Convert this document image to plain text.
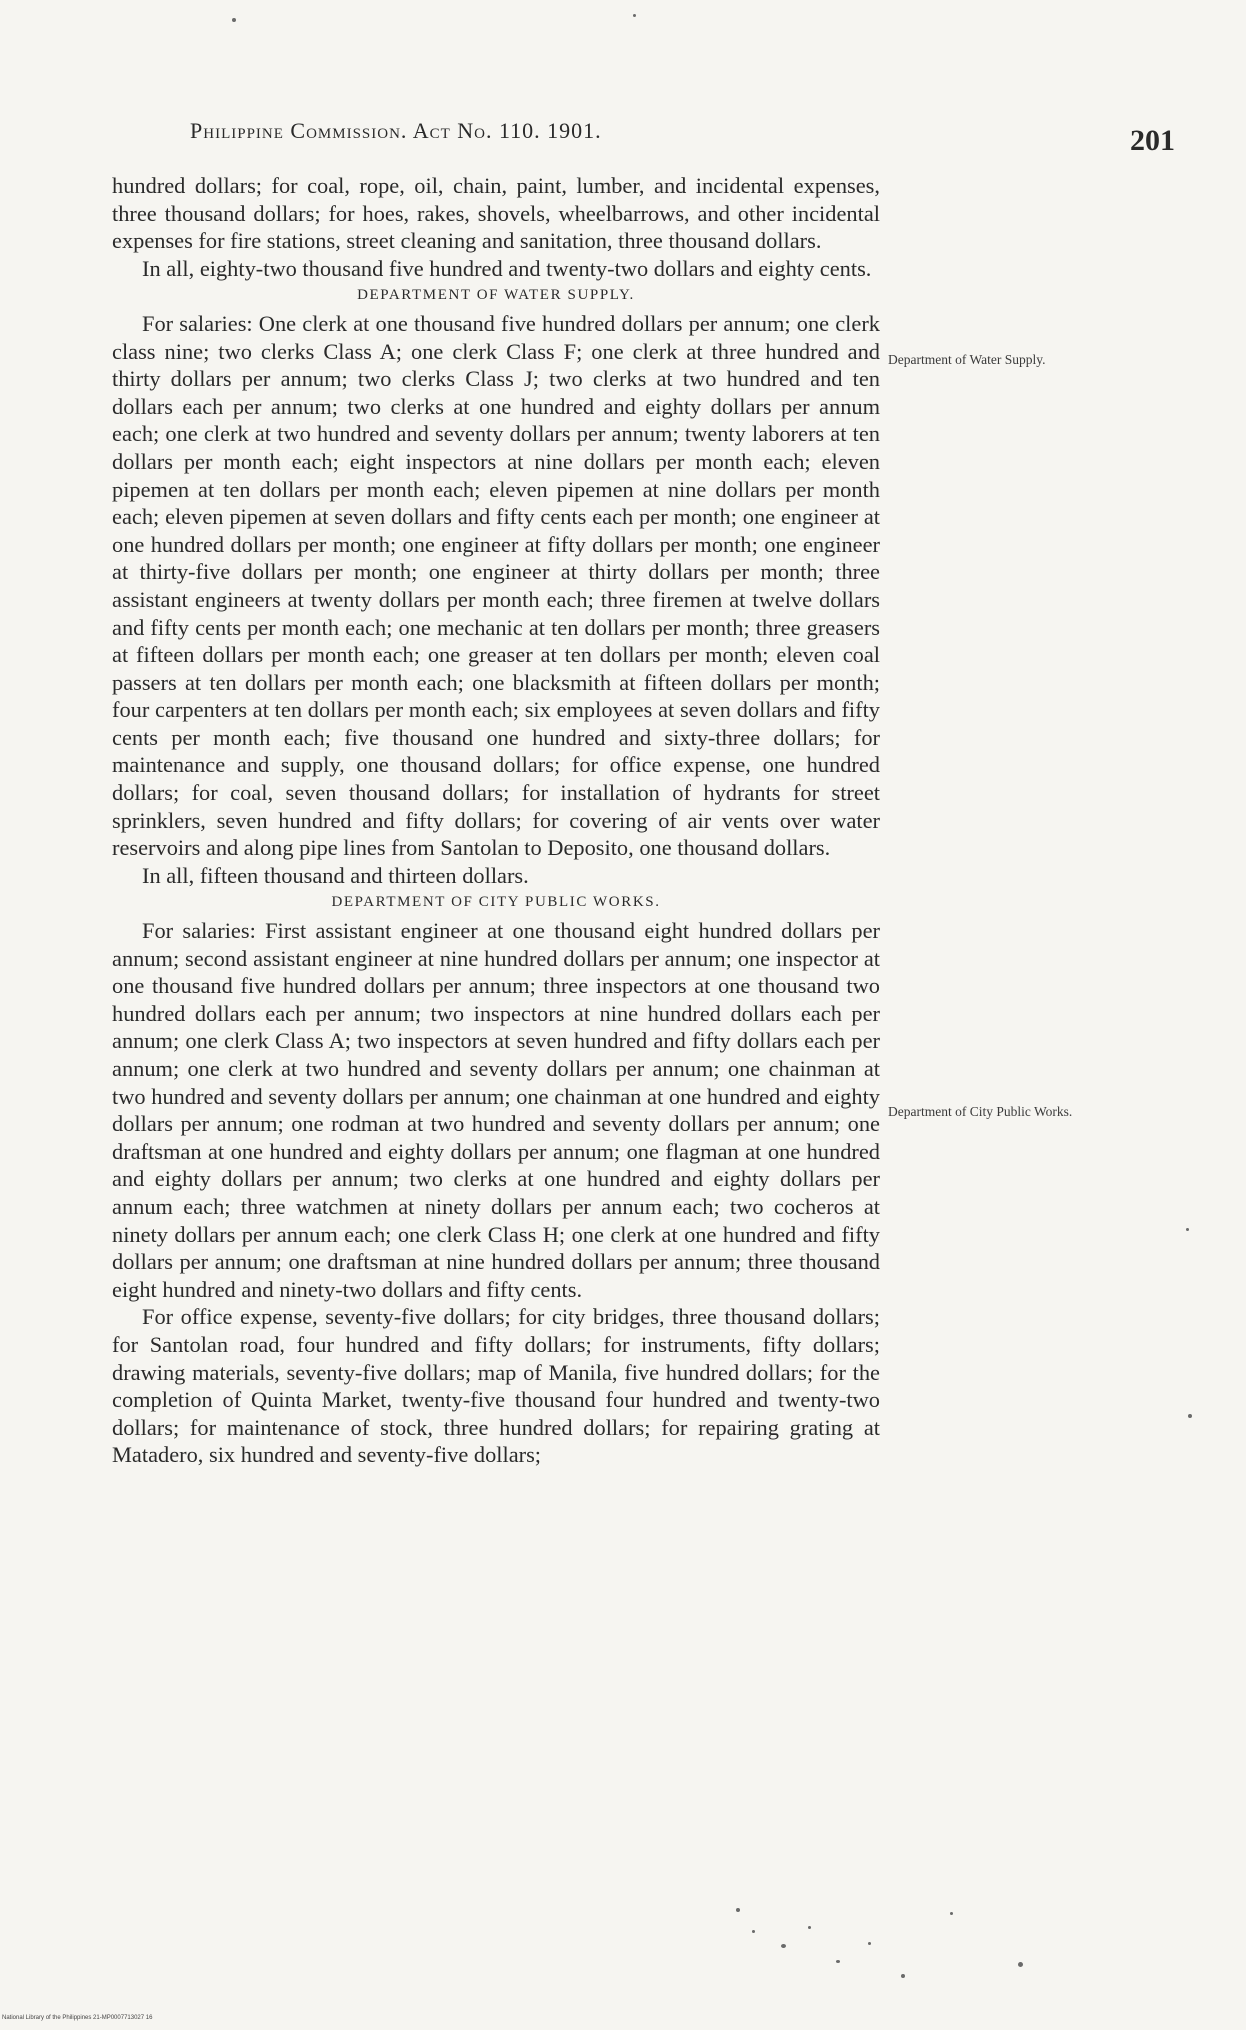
Philippine Commission. Act No. 110. 1901.	201

hundred dollars; for coal, rope, oil, chain, paint, lumber, and incidental expenses, three thousand dollars; for hoes, rakes, shovels, wheelbarrows, and other incidental expenses for fire stations, street cleaning and sanitation, three thousand dollars.

In all, eighty-two thousand five hundred and twenty-two dollars and eighty cents.

DEPARTMENT OF WATER SUPPLY.

For salaries: One clerk at one thousand five hundred dollars per annum; one clerk class nine; two clerks Class A; one clerk Class F; one clerk at three hundred and thirty dollars per annum; two clerks Class J; two clerks at two hundred and ten dollars each per annum; two clerks at one hundred and eighty dollars per annum each; one clerk at two hundred and seventy dollars per annum; twenty laborers at ten dollars per month each; eight inspectors at nine dollars per month each; eleven pipemen at ten dollars per month each; eleven pipemen at nine dollars per month each; eleven pipemen at seven dollars and fifty cents each per month; one engineer at one hundred dollars per month; one engineer at fifty dollars per month; one engineer at thirty-five dollars per month; one engineer at thirty dollars per month; three assistant engineers at twenty dollars per month each; three firemen at twelve dollars and fifty cents per month each; one mechanic at ten dollars per month; three greasers at fifteen dollars per month each; one greaser at ten dollars per month; eleven coal passers at ten dollars per month each; one blacksmith at fifteen dollars per month; four carpenters at ten dollars per month each; six employees at seven dollars and fifty cents per month each; five thousand one hundred and sixty-three dollars; for maintenance and supply, one thousand dollars; for office expense, one hundred dollars; for coal, seven thousand dollars; for installation of hydrants for street sprinklers, seven hundred and fifty dollars; for covering of air vents over water reservoirs and along pipe lines from Santolan to Deposito, one thousand dollars.

In all, fifteen thousand and thirteen dollars.

DEPARTMENT OF CITY PUBLIC WORKS.

For salaries: First assistant engineer at one thousand eight hundred dollars per annum; second assistant engineer at nine hundred dollars per annum; one inspector at one thousand five hundred dollars per annum; three inspectors at one thousand two hundred dollars each per annum; two inspectors at nine hundred dollars each per annum; one clerk Class A; two inspectors at seven hundred and fifty dollars each per annum; one clerk at two hundred and seventy dollars per annum; one chainman at two hundred and seventy dollars per annum; one chainman at one hundred and eighty dollars per annum; one rodman at two hundred and seventy dollars per annum; one draftsman at one hundred and eighty dollars per annum; one flagman at one hundred and eighty dollars per annum; two clerks at one hundred and eighty dollars per annum each; three watchmen at ninety dollars per annum each; two cocheros at ninety dollars per annum each; one clerk Class H; one clerk at one hundred and fifty dollars per annum; one draftsman at nine hundred dollars per annum; three thousand eight hundred and ninety-two dollars and fifty cents.

For office expense, seventy-five dollars; for city bridges, three thousand dollars; for Santolan road, four hundred and fifty dollars; for instruments, fifty dollars; drawing materials, seventy-five dollars; map of Manila, five hundred dollars; for the completion of Quinta Market, twenty-five thousand four hundred and twenty-two dollars; for maintenance of stock, three hundred dollars; for repairing grating at Matadero, six hundred and seventy-five dollars;

Department of Water Supply.
Department of City Public Works.
National Library of the Philippines 21-MP0007713027 16
